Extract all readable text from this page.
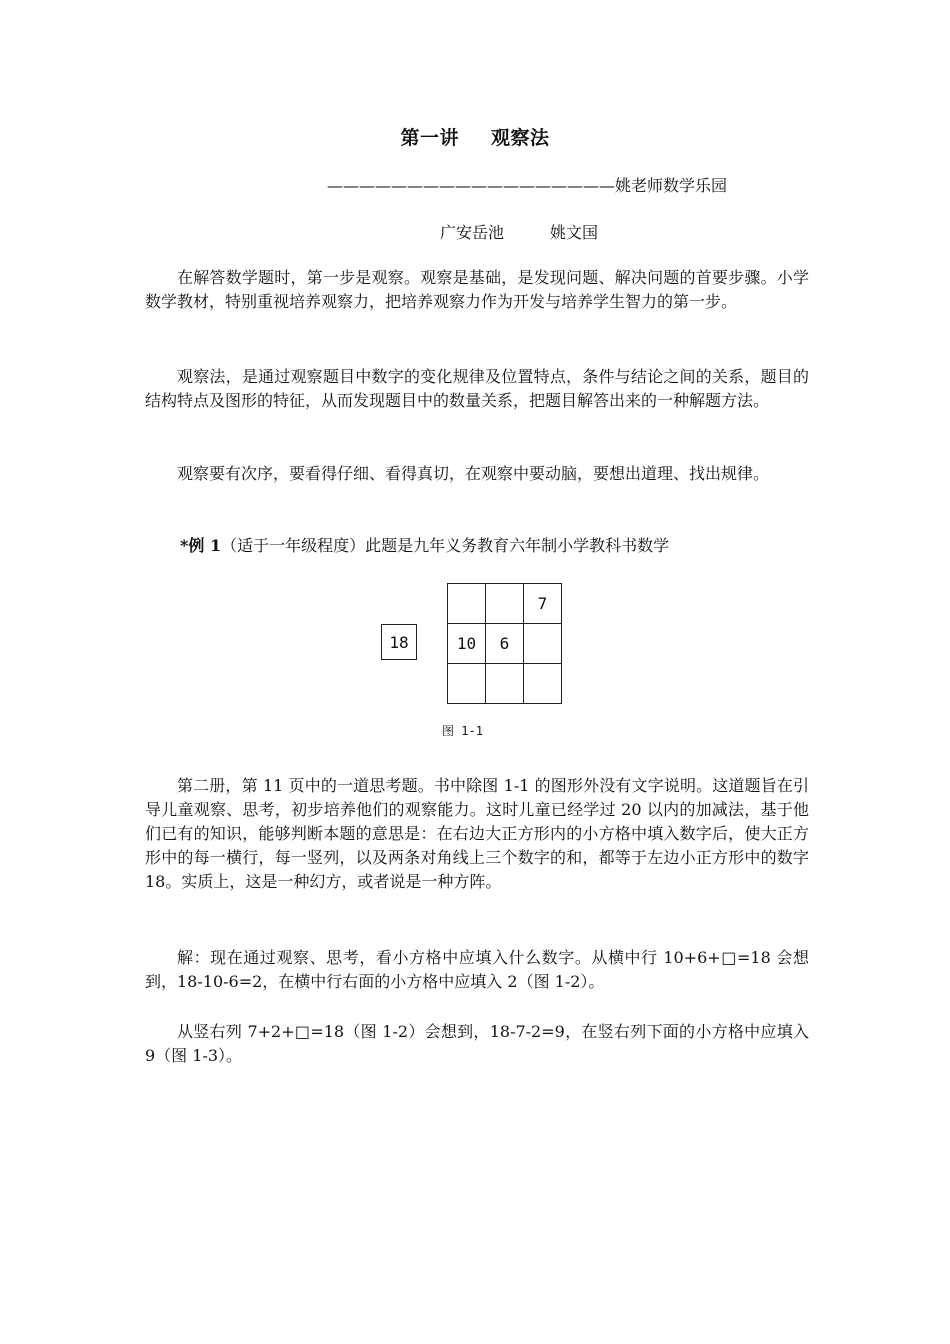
第一讲 观察法
——————————————————姚老师数学乐园
广安岳池	姚文国

在解答数学题时，第一步是观察。观察是基础，是发现问题、解决问题的首要步骤。小学数学教材，特别重视培养观察力，把培养观察力作为开发与培养学生智力的第一步。

观察法，是通过观察题目中数字的变化规律及位置特点，条件与结论之间的关系，题目的结构特点及图形的特征，从而发现题目中的数量关系，把题目解答出来的一种解题方法。

观察要有次序，要看得仔细、看得真切，在观察中要动脑，要想出道理、找出规律。

*例 1（适于一年级程度）此题是九年义务教育六年制小学教科书数学
18
		7
10	6	

图 1-1

第二册，第 11 页中的一道思考题。书中除图 1-1 的图形外没有文字说明。这道题旨在引导儿童观察、思考，初步培养他们的观察能力。这时儿童已经学过 20 以内的加减法，基于他们已有的知识，能够判断本题的意思是：在右边大正方形内的小方格中填入数字后，使大正方形中的每一横行，每一竖列，以及两条对角线上三个数字的和，都等于左边小正方形中的数字 18。实质上，这是一种幻方，或者说是一种方阵。

解：现在通过观察、思考，看小方格中应填入什么数字。从横中行 10+6+□=18 会想到，18-10-6=2，在横中行右面的小方格中应填入 2（图 1-2）。

从竖右列 7+2+□=18（图 1-2）会想到，18-7-2=9，在竖右列下面的小方格中应填入 9（图 1-3）。
